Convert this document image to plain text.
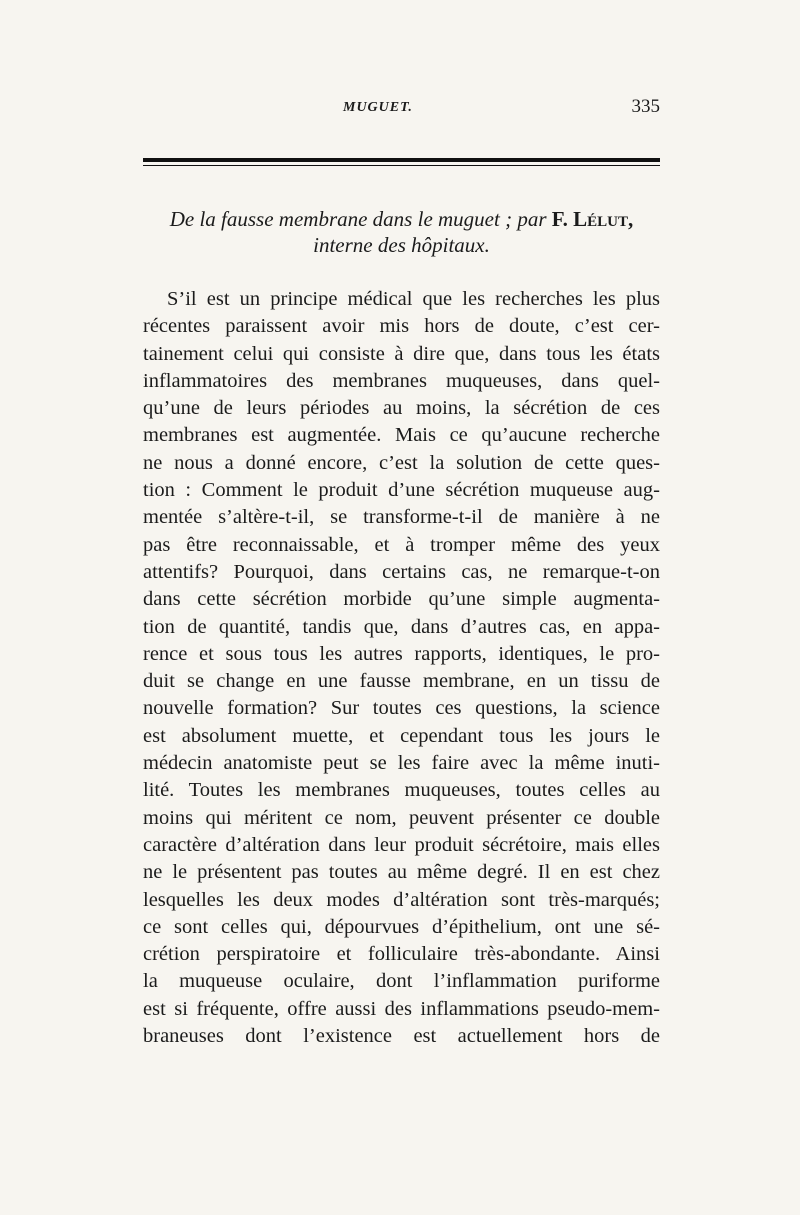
MUGUET.	335
De la fausse membrane dans le muguet ; par F. Lélut,
interne des hôpitaux.
S’il est un principe médical que les recherches les plus
récentes paraissent avoir mis hors de doute, c’est cer-
tainement celui qui consiste à dire que, dans tous les états
inflammatoires des membranes muqueuses, dans quel-
qu’une de leurs périodes au moins, la sécrétion de ces
membranes est augmentée. Mais ce qu’aucune recherche
ne nous a donné encore, c’est la solution de cette ques-
tion : Comment le produit d’une sécrétion muqueuse aug-
mentée s’altère-t-il, se transforme-t-il de manière à ne
pas être reconnaissable, et à tromper même des yeux
attentifs? Pourquoi, dans certains cas, ne remarque-t-on
dans cette sécrétion morbide qu’une simple augmenta-
tion de quantité, tandis que, dans d’autres cas, en appa-
rence et sous tous les autres rapports, identiques, le pro-
duit se change en une fausse membrane, en un tissu de
nouvelle formation? Sur toutes ces questions, la science
est absolument muette, et cependant tous les jours le
médecin anatomiste peut se les faire avec la même inuti-
lité. Toutes les membranes muqueuses, toutes celles au
moins qui méritent ce nom, peuvent présenter ce double
caractère d’altération dans leur produit sécrétoire, mais elles
ne le présentent pas toutes au même degré. Il en est chez
lesquelles les deux modes d’altération sont très-marqués;
ce sont celles qui, dépourvues d’épithelium, ont une sé-
crétion perspiratoire et folliculaire très-abondante. Ainsi
la muqueuse oculaire, dont l’inflammation puriforme
est si fréquente, offre aussi des inflammations pseudo-mem-
braneuses dont l’existence est actuellement hors de
